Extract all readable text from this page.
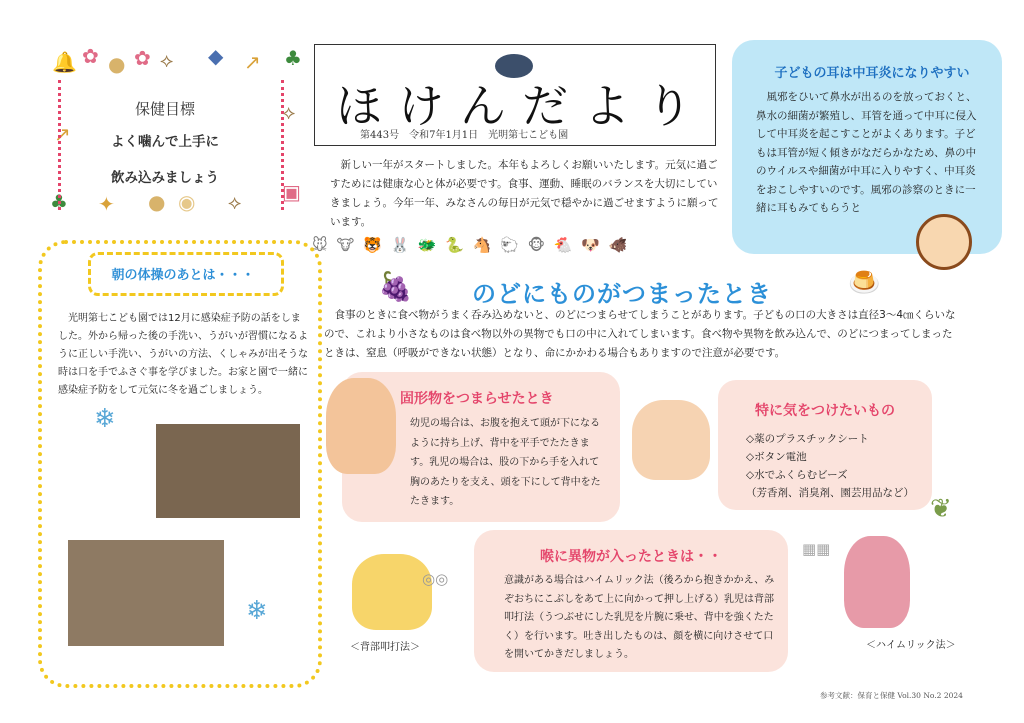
🔔 ✿ ● ✿ ⟡ ◆ ↗ ♣
♣ ✦ ● ◉ ⟡ ▣
⟡
↗
保健目標
よく噛んで上手に
飲み込みましょう
ほけんだより
第443号　令和7年1月1日　光明第七こども園
　新しい一年がスタートしました。本年もよろしくお願いいたします。元気に過ごすためには健康な心と体が必要です。食事、運動、睡眠のバランスを大切にしていきましょう。今年一年、みなさんの毎日が元気で穏やかに過ごせますように願っています。
子どもの耳は中耳炎になりやすい
　風邪をひいて鼻水が出るのを放っておくと、鼻水の細菌が繁殖し、耳管を通って中耳に侵入して中耳炎を起こすことがよくあります。子どもは耳管が短く傾きがなだらかなため、鼻の中のウイルスや細菌が中耳に入りやすく、中耳炎をおこしやすいのです。風邪の診察のときに一緒に耳もみてもらうと
🐭 🐮 🐯 🐰 🐲 🐍 🐴 🐑 🐵 🐔 🐶 🐗
朝の体操のあとは・・・
　光明第七こども園では12月に感染症予防の話をしました。外から帰った後の手洗い、うがいが習慣になるように正しい手洗い、うがいの方法、くしゃみが出そうな時は口を手でふさぐ事を学びました。お家と園で一緒に感染症予防をして元気に冬を過ごしましょう。
❄
❄
🍇 のどにものがつまったとき	🍮
　食事のときに食べ物がうまく呑み込めないと、のどにつまらせてしまうことがあります。子どもの口の大きさは直径3～4㎝くらいなので、これより小さなものは食べ物以外の異物でも口の中に入れてしまいます。食べ物や異物を飲み込んで、のどにつまってしまったときは、窒息（呼吸ができない状態）となり、命にかかわる場合もありますので注意が必要です。
固形物をつまらせたとき
幼児の場合は、お腹を抱えて頭が下になるように持ち上げ、背中を平手でたたきます。乳児の場合は、股の下から手を入れて胸のあたりを支え、頭を下にして背中をたたきます。
特に気をつけたいもの
◇薬のプラスチックシート
◇ボタン電池
◇水でふくらむビーズ
（芳香剤、消臭剤、園芸用品など）
❦
◎◎
＜背部叩打法＞
喉に異物が入ったときは・・
意識がある場合はハイムリック法（後ろから抱きかかえ、みぞおちにこぶしをあて上に向かって押し上げる）乳児は背部叩打法（うつぶせにした乳児を片腕に乗せ、背中を強くたたく）を行います。吐き出したものは、顔を横に向けさせて口を開いてかきだしましょう。
▦▦
＜ハイムリック法＞
参考文献：保育と保健 Vol.30 No.2 2024
